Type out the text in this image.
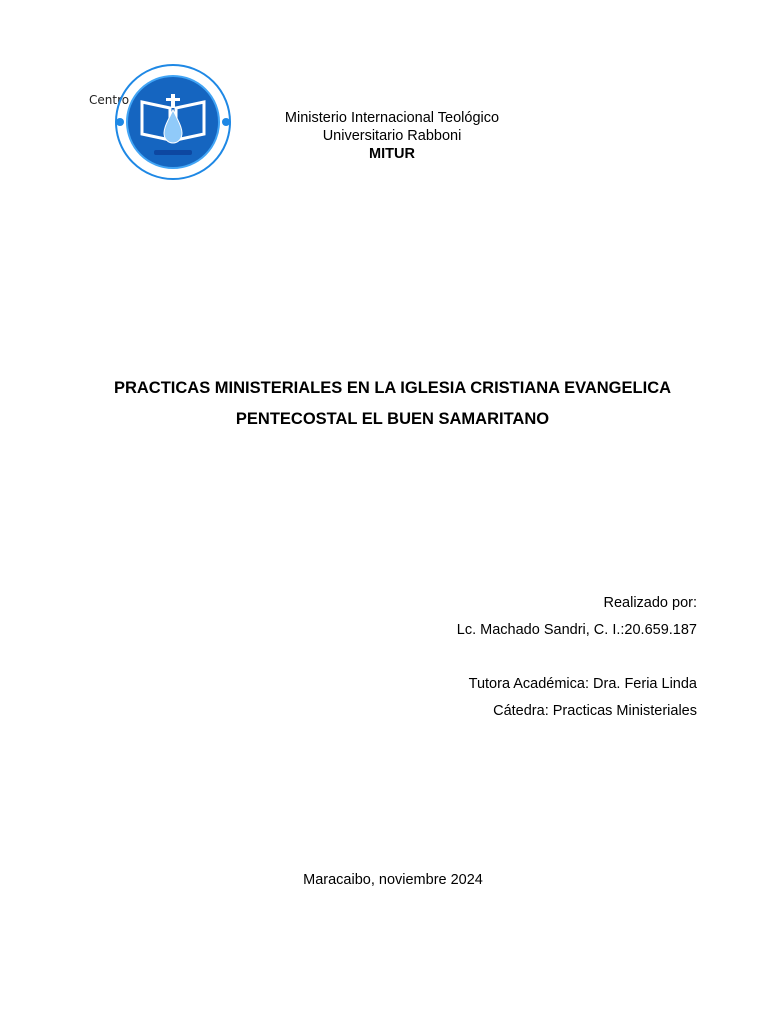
Centro
Ministerio Internacional Teológico
Universitario Rabboni
MITUR
PRACTICAS MINISTERIALES EN LA IGLESIA CRISTIANA EVANGELICA
PENTECOSTAL EL BUEN SAMARITANO
Realizado por:
Lc. Machado Sandri, C. I.:20.659.187
Tutora Académica: Dra. Feria Linda
Cátedra: Practicas Ministeriales
Maracaibo, noviembre 2024
